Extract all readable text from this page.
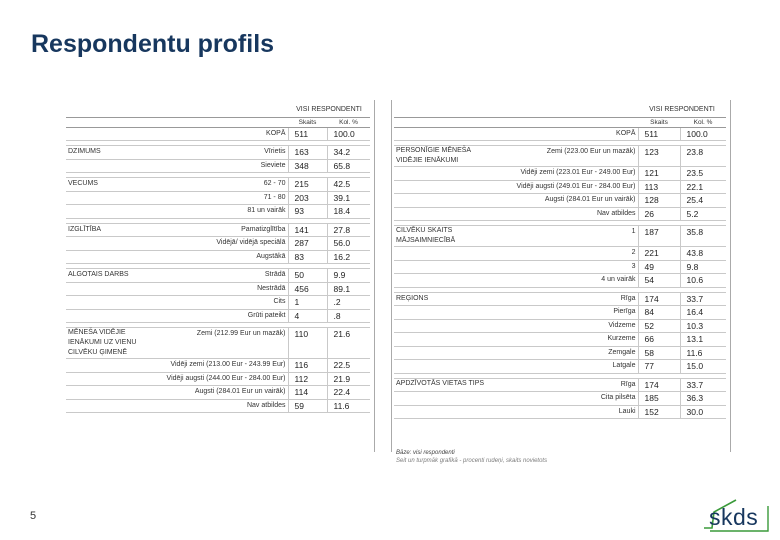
Respondentu profils
		VISI RESPONDENTI	
		Skaits	Kol. %
	KOPĀ	511	100.0

DZIMUMS	Vīrietis	163	34.2
	Sieviete	348	65.8

VECUMS	62 - 70	215	42.5
	71 - 80	203	39.1
	81 un vairāk	93	18.4

IZGLĪTĪBA	Pamatizglītība	141	27.8
	Vidējā/ vidējā speciālā	287	56.0
	Augstākā	83	16.2

ALGOTAIS DARBS	Strādā	50	9.9
	Nestrādā	456	89.1
	Cits	1	.2
	Grūti pateikt	4	.8

MĒNEŠA VIDĒJIE IENĀKUMI UZ VIENU CILVĒKU ĢIMENĒ	Zemi (212.99 Eur un mazāk)	110	21.6
	Vidēji zemi (213.00 Eur - 243.99 Eur)	116	22.5
	Vidēji augsti (244.00 Eur - 284.00 Eur)	112	21.9
	Augsti (284.01 Eur un vairāk)	114	22.4
	Nav atbildes	59	11.6
		VISI RESPONDENTI	
		Skaits	Kol. %
	KOPĀ	511	100.0

PERSONĪGIE MĒNEŠA VIDĒJIE IENĀKUMI	Zemi (223.00 Eur un mazāk)	123	23.8
	Vidēji zemi (223.01 Eur - 249.00 Eur)	121	23.5
	Vidēji augsti (249.01 Eur - 284.00 Eur)	113	22.1
	Augsti (284.01 Eur un vairāk)	128	25.4
	Nav atbildes	26	5.2

CILVĒKU SKAITS MĀJSAIMNIECĪBĀ	1	187	35.8
	2	221	43.8
	3	49	9.8
	4 un vairāk	54	10.6

REĢIONS	Rīga	174	33.7
	Pierīga	84	16.4
	Vidzeme	52	10.3
	Kurzeme	66	13.1
	Zemgale	58	11.6
	Latgale	77	15.0

APDZĪVOTĀS VIETAS TIPS	Rīga	174	33.7
	Cita pilsēta	185	36.3
	Lauki	152	30.0
Bāze: visi respondenti
Šeit un turpmāk grafikā - procenti rudeņi, skaits novietots
5	skds
